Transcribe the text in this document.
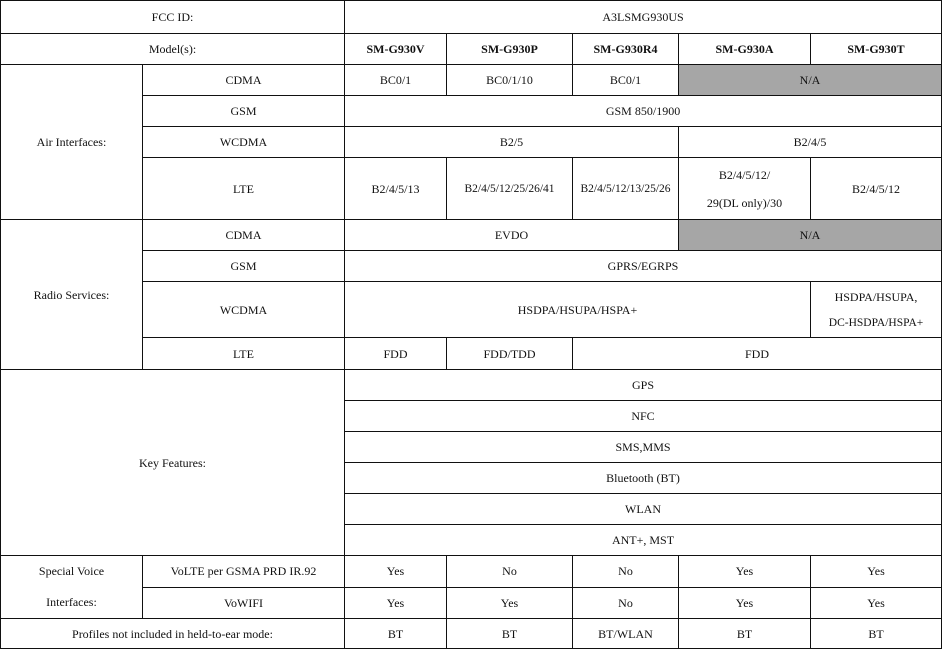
FCC ID:		A3LSMG930US				
Model(s):		SM-G930V	SM-G930P	SM-G930R4	SM-G930A	SM-G930T
Air Interfaces:	CDMA	BC0/1	BC0/1/10	BC0/1	N/A	
	GSM	GSM 850/1900				
	WCDMA	B2/5			B2/4/5	
	LTE	B2/4/5/13	B2/4/5/12/25/26/41	B2/4/5/12/13/25/26	B2/4/5/12/
29(DL only)/30	B2/4/5/12
Radio Services:	CDMA	EVDO			N/A	
	GSM	GPRS/EGRPS				
	WCDMA	HSDPA/HSUPA/HSPA+				HSDPA/HSUPA,
DC-HSDPA/HSPA+

	LTE	FDD	FDD/TDD	FDD		
Key Features:		GPS				
		NFC				
		SMS,MMS				
		Bluetooth (BT)				
		WLAN				
		ANT+, MST				

Special Voice
Interfaces:	VoLTE per GSMA PRD IR.92	Yes	No	No	Yes	Yes
	VoWIFI	Yes	Yes	No	Yes	Yes
Profiles not included in held-to-ear mode:		BT	BT	BT/WLAN	BT	BT
